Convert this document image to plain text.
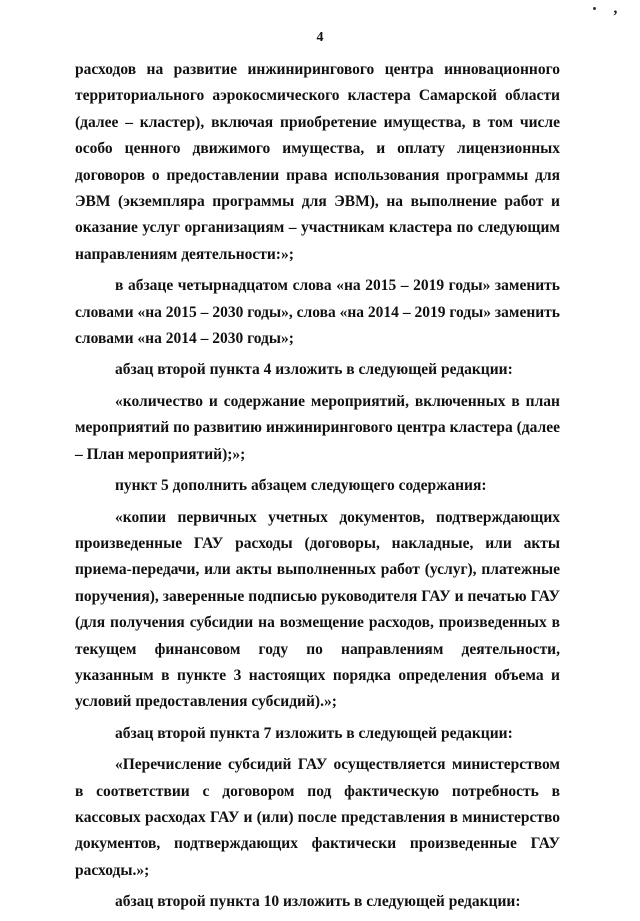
ʼ
4

расходов на развитие инжинирингового центра инновационного территориального аэрокосмического кластера Самарской области (далее – кластер), включая приобретение имущества, в том числе особо ценного движимого имущества, и оплату лицензионных договоров о предоставлении права использования программы для ЭВМ (экземпляра программы для ЭВМ), на выполнение работ и оказание услуг организациям – участникам кластера по следующим направлениям деятельности:»;

в абзаце четырнадцатом слова «на 2015 – 2019 годы» заменить словами «на 2015 – 2030 годы», слова «на 2014 – 2019 годы» заменить словами «на 2014 – 2030 годы»;

абзац второй пункта 4 изложить в следующей редакции:

«количество и содержание мероприятий, включенных в план мероприятий по развитию инжинирингового центра кластера (далее – План мероприятий);»;

пункт 5 дополнить абзацем следующего содержания:

«копии первичных учетных документов, подтверждающих произведенные ГАУ расходы (договоры, накладные, или акты приема-передачи, или акты выполненных работ (услуг), платежные поручения), заверенные подписью руководителя ГАУ и печатью ГАУ (для получения субсидии на возмещение расходов, произведенных в текущем финансовом году по направлениям деятельности, указанным в пункте 3 настоящих порядка определения объема и условий предоставления субсидий).»;

абзац второй пункта 7 изложить в следующей редакции:

«Перечисление субсидий ГАУ осуществляется министерством в соответствии с договором под фактическую потребность в кассовых расходах ГАУ и (или) после представления в министерство документов, подтверждающих фактически произведенные ГАУ расходы.»;

абзац второй пункта 10 изложить в следующей редакции:
